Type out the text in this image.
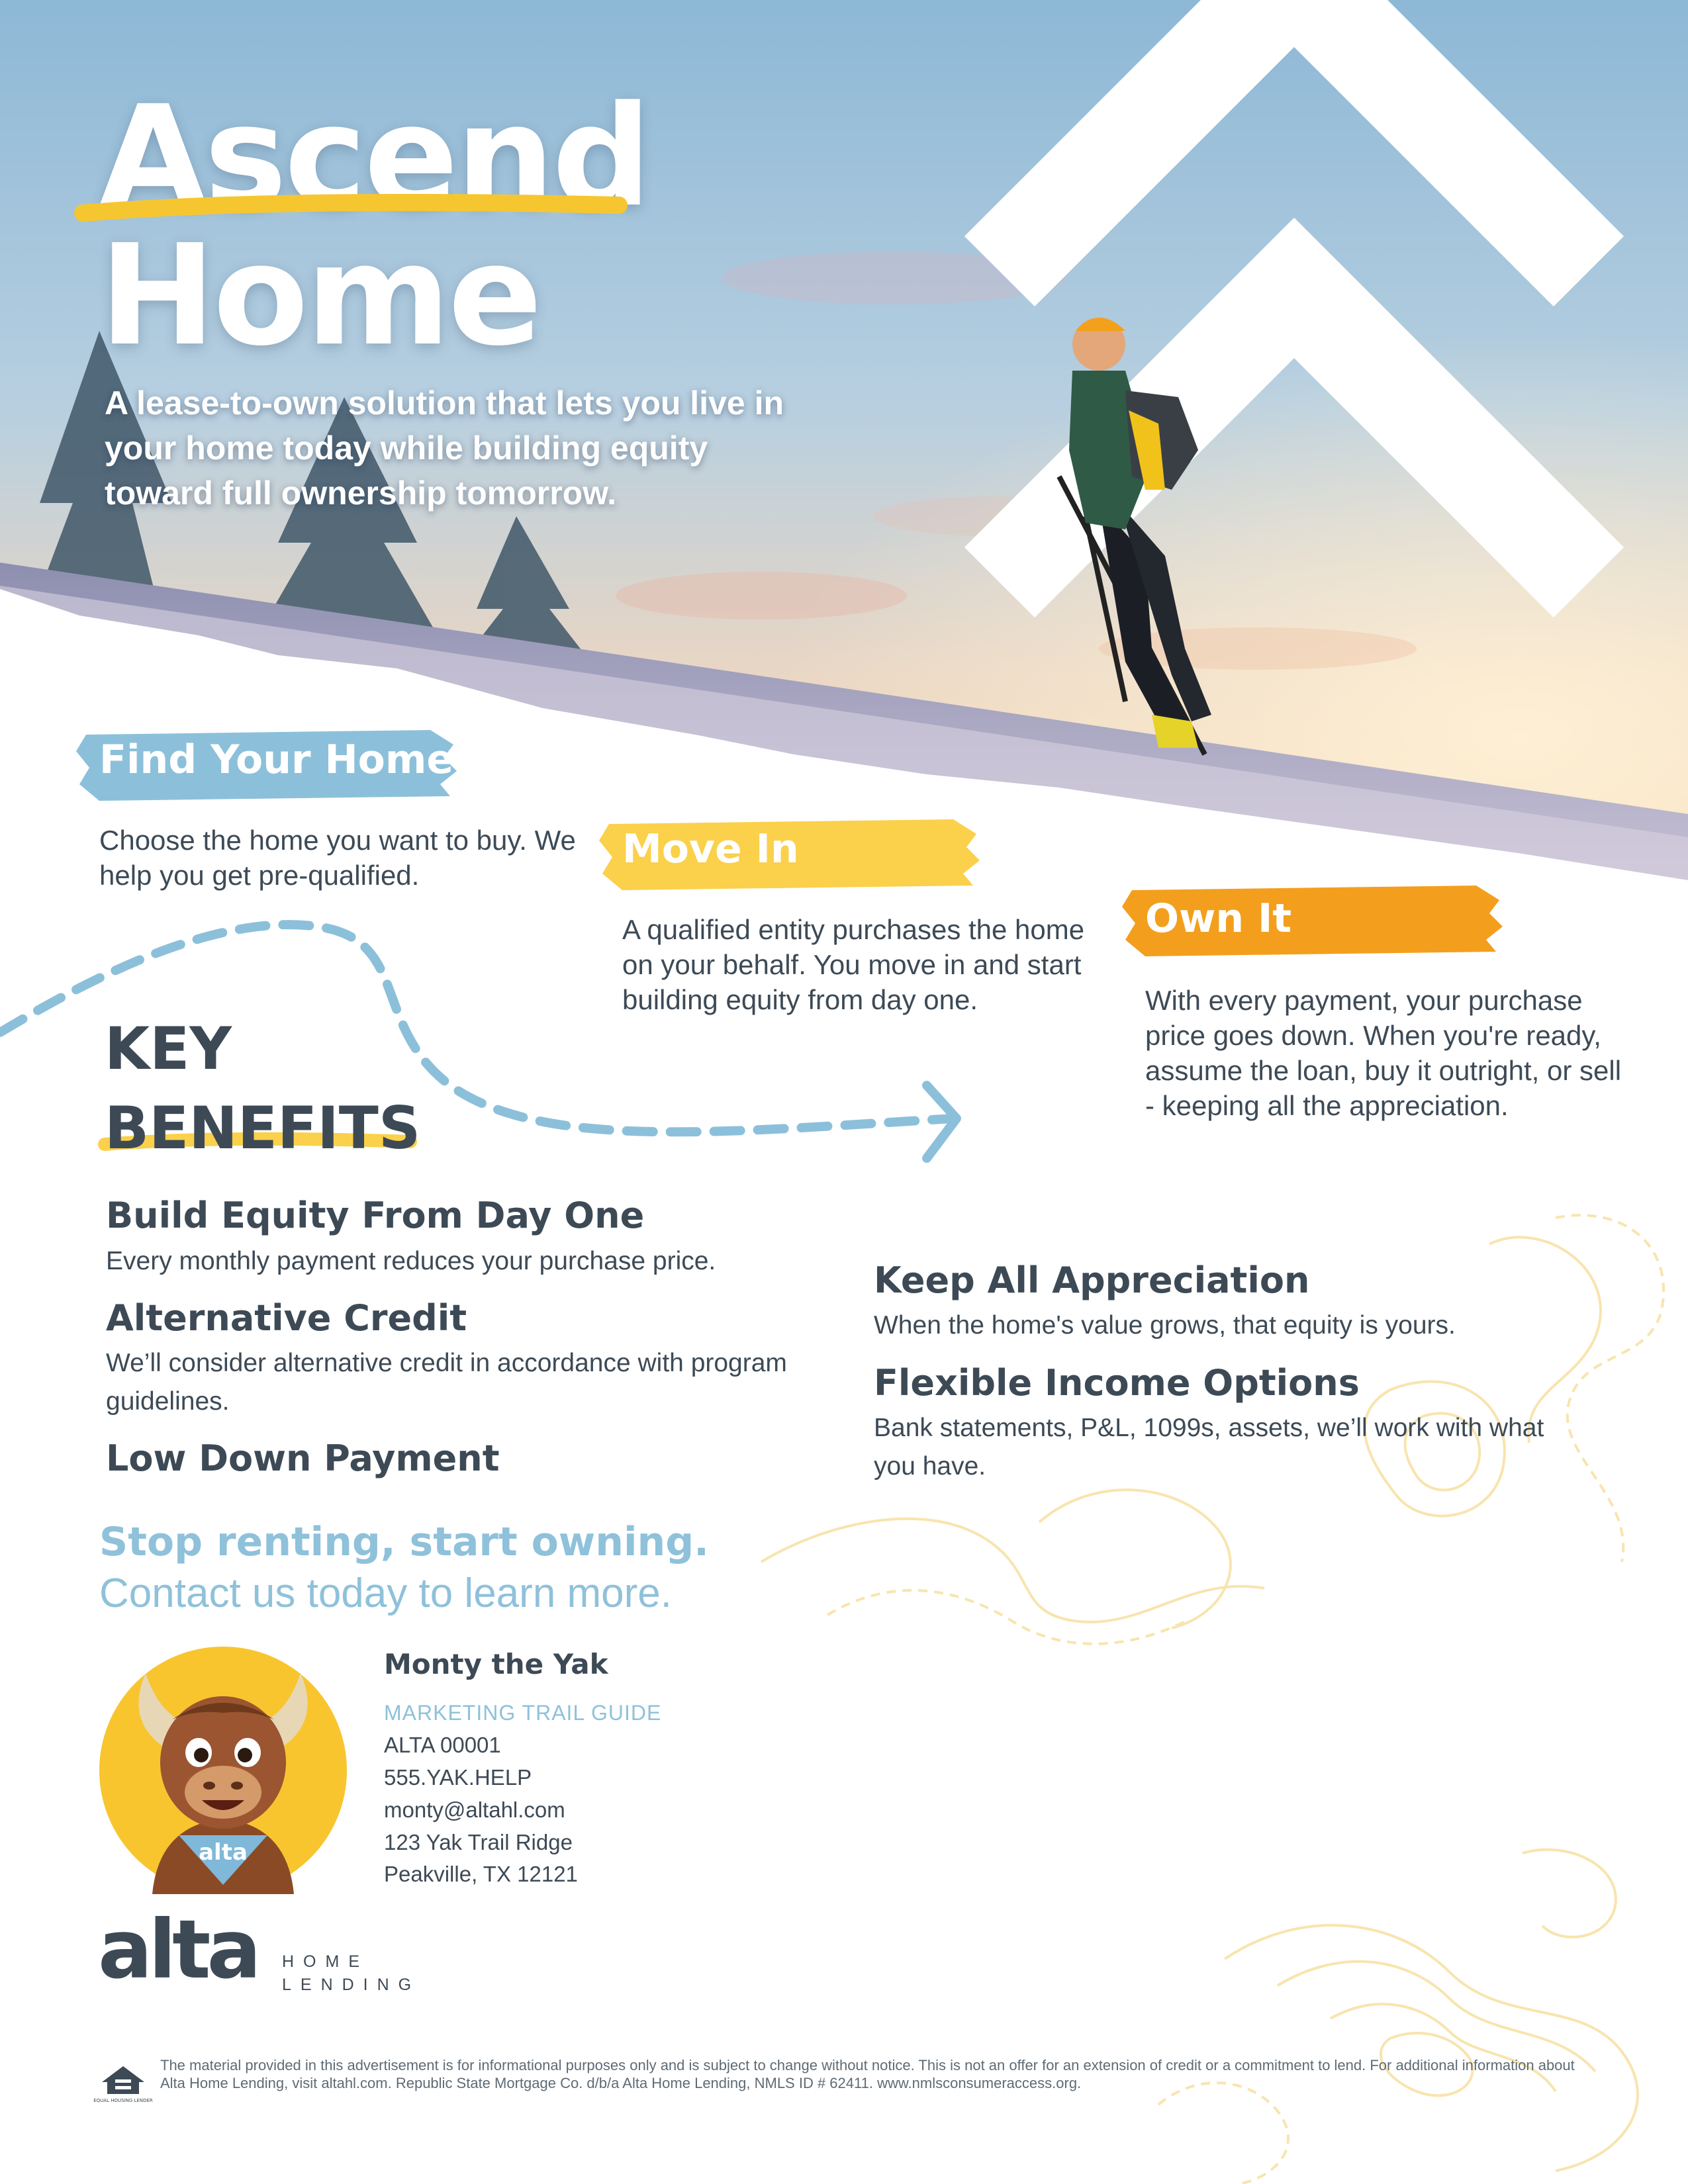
Ascend
Home
A lease-to-own solution that lets you live in your home today while building equity toward full ownership tomorrow.
Find Your Home
Choose the home you want to buy. We help you get pre-qualified.
Move In
A qualified entity purchases the home on your behalf. You move in and start building equity from day one.
Own It
With every payment, your purchase price goes down. When you're ready, assume the loan, buy it outright, or sell - keeping all the appreciation.
KEY
BENEFITS
Build Equity From Day One
Every monthly payment reduces your purchase price.
Alternative Credit
We’ll consider alternative credit in accordance with program guidelines.
Low Down Payment
Keep All Appreciation
When the home's value grows, that equity is yours.
Flexible Income Options
Bank statements, P&L, 1099s, assets, we’ll work with what you have.
Stop renting, start owning.
Contact us today to learn more.
alta
Monty the Yak
MARKETING TRAIL GUIDE
ALTA 00001
555.YAK.HELP
monty@altahl.com
123 Yak Trail Ridge
Peakville, TX 12121
alta HOME
LENDING
EQUAL HOUSING LENDER
The material provided in this advertisement is for informational purposes only and is subject to change without notice. This is not an offer for an extension of credit or a commitment to lend. For additional information about Alta Home Lending, visit altahl.com. Republic State Mortgage Co. d/b/a Alta Home Lending, NMLS ID # 62411. www.nmlsconsumeraccess.org.
